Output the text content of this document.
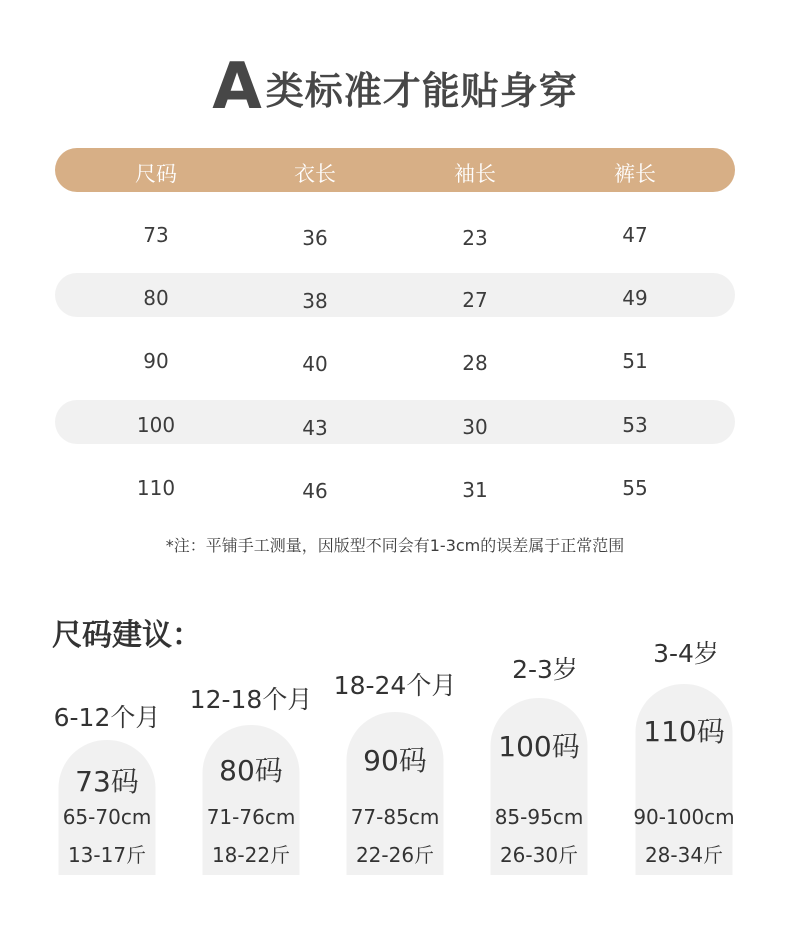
A 类标准才能贴身穿
尺码	衣长	袖长	裤长
73	36	23	47
80	38	27	49
90	40	28	51
100	43	30	53
110	46	31	55
*注：平铺手工测量，因版型不同会有1-3cm的误差属于正常范围
尺码建议：
6-12个月
12-18个月 18-24个月
2-3岁
3-4岁
73码	80码	90码	100码	110码
65-70cm	71-76cm	77-85cm	85-95cm	90-100cm
13-17斤	18-22斤	22-26斤	26-30斤	28-34斤
